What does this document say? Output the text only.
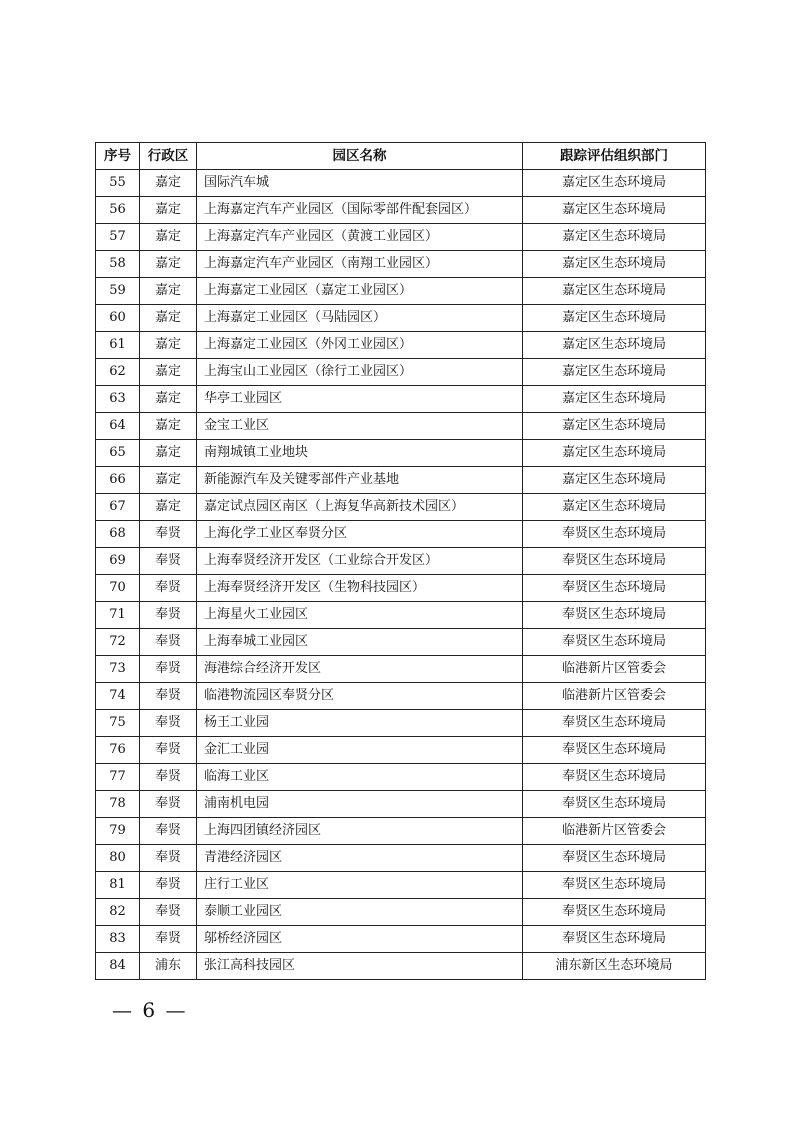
序号	行政区	园区名称	跟踪评估组织部门
55	嘉定	国际汽车城	嘉定区生态环境局
56	嘉定	上海嘉定汽车产业园区（国际零部件配套园区）	嘉定区生态环境局
57	嘉定	上海嘉定汽车产业园区（黄渡工业园区）	嘉定区生态环境局
58	嘉定	上海嘉定汽车产业园区（南翔工业园区）	嘉定区生态环境局
59	嘉定	上海嘉定工业园区（嘉定工业园区）	嘉定区生态环境局
60	嘉定	上海嘉定工业园区（马陆园区）	嘉定区生态环境局
61	嘉定	上海嘉定工业园区（外冈工业园区）	嘉定区生态环境局
62	嘉定	上海宝山工业园区（徐行工业园区）	嘉定区生态环境局
63	嘉定	华亭工业园区	嘉定区生态环境局
64	嘉定	金宝工业区	嘉定区生态环境局
65	嘉定	南翔城镇工业地块	嘉定区生态环境局
66	嘉定	新能源汽车及关键零部件产业基地	嘉定区生态环境局
67	嘉定	嘉定试点园区南区（上海复华高新技术园区）	嘉定区生态环境局
68	奉贤	上海化学工业区奉贤分区	奉贤区生态环境局
69	奉贤	上海奉贤经济开发区（工业综合开发区）	奉贤区生态环境局
70	奉贤	上海奉贤经济开发区（生物科技园区）	奉贤区生态环境局
71	奉贤	上海星火工业园区	奉贤区生态环境局
72	奉贤	上海奉城工业园区	奉贤区生态环境局
73	奉贤	海港综合经济开发区	临港新片区管委会
74	奉贤	临港物流园区奉贤分区	临港新片区管委会
75	奉贤	杨王工业园	奉贤区生态环境局
76	奉贤	金汇工业园	奉贤区生态环境局
77	奉贤	临海工业区	奉贤区生态环境局
78	奉贤	浦南机电园	奉贤区生态环境局
79	奉贤	上海四团镇经济园区	临港新片区管委会
80	奉贤	青港经济园区	奉贤区生态环境局
81	奉贤	庄行工业区	奉贤区生态环境局
82	奉贤	泰顺工业园区	奉贤区生态环境局
83	奉贤	邬桥经济园区	奉贤区生态环境局
84	浦东	张江高科技园区	浦东新区生态环境局
— 6 —
